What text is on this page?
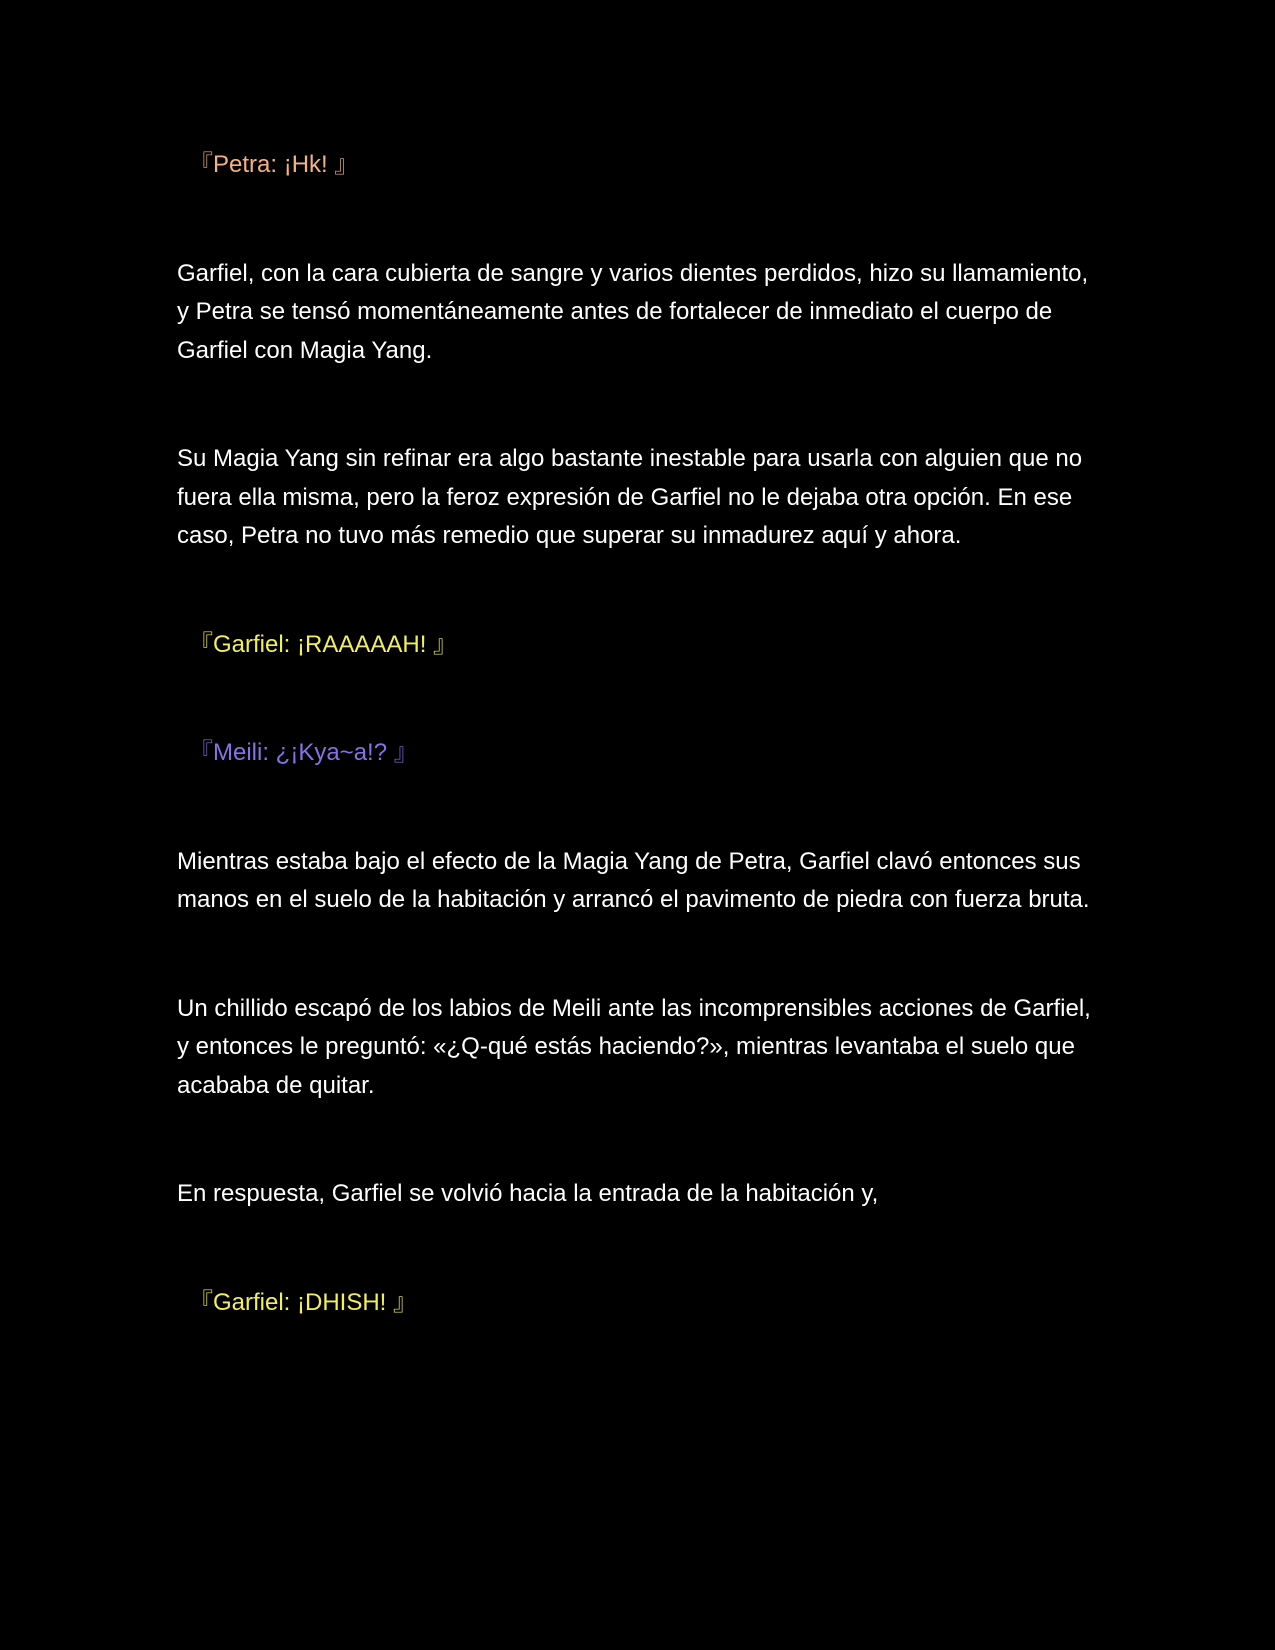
『Petra: ¡Hk! 』

Garfiel, con la cara cubierta de sangre y varios dientes perdidos, hizo su llamamiento, y Petra se tensó momentáneamente antes de fortalecer de inmediato el cuerpo de Garfiel con Magia Yang.

Su Magia Yang sin refinar era algo bastante inestable para usarla con alguien que no fuera ella misma, pero la feroz expresión de Garfiel no le dejaba otra opción. En ese caso, Petra no tuvo más remedio que superar su inmadurez aquí y ahora.

『Garfiel: ¡RAAAAAH! 』

『Meili: ¿¡Kya~a!? 』

Mientras estaba bajo el efecto de la Magia Yang de Petra, Garfiel clavó entonces sus manos en el suelo de la habitación y arrancó el pavimento de piedra con fuerza bruta.

Un chillido escapó de los labios de Meili ante las incomprensibles acciones de Garfiel, y entonces le preguntó: «¿Q-qué estás haciendo?», mientras levantaba el suelo que acababa de quitar.

En respuesta, Garfiel se volvió hacia la entrada de la habitación y,

『Garfiel: ¡DHISH! 』
